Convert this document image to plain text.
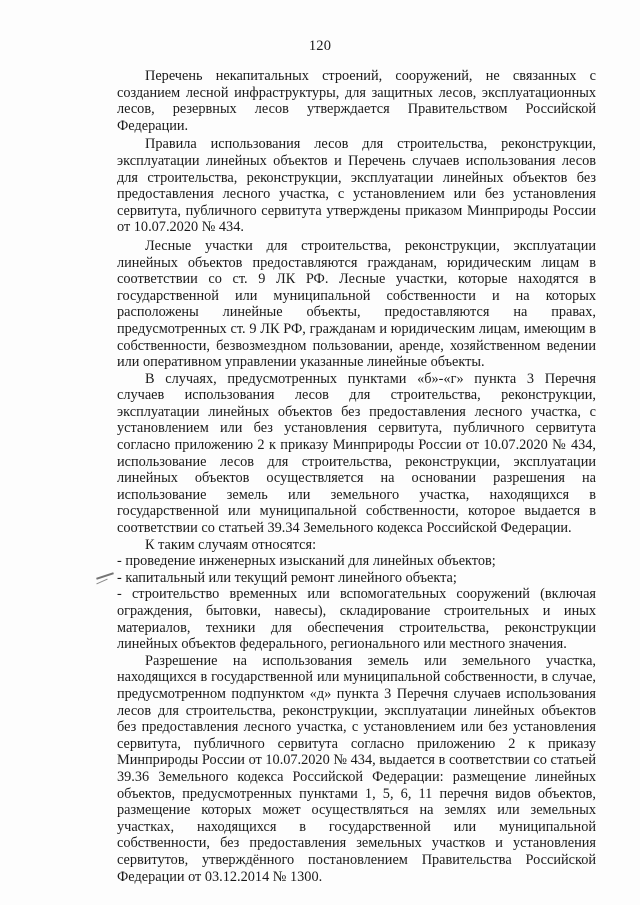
120

Перечень некапитальных строений, сооружений, не связанных с созданием лесной инфраструктуры, для защитных лесов, эксплуатационных лесов, резервных лесов утверждается Правительством Российской Федерации.

Правила использования лесов для строительства, реконструкции, эксплуатации линейных объектов и Перечень случаев использования лесов для строительства, реконструкции, эксплуатации линейных объектов без предоставления лесного участка, с установлением или без установления сервитута, публичного сервитута утверждены приказом Минприроды России от 10.07.2020 № 434.

Лесные участки для строительства, реконструкции, эксплуатации линейных объектов предоставляются гражданам, юридическим лицам в соответствии со ст. 9 ЛК РФ. Лесные участки, которые находятся в государственной или муниципальной собственности и на которых расположены линейные объекты, предоставляются на правах, предусмотренных ст. 9 ЛК РФ, гражданам и юридическим лицам, имеющим в собственности, безвозмездном пользовании, аренде, хозяйственном ведении или оперативном управлении указанные линейные объекты.

В случаях, предусмотренных пунктами «б»-«г» пункта 3 Перечня случаев использования лесов для строительства, реконструкции, эксплуатации линейных объектов без предоставления лесного участка, с установлением или без установления сервитута, публичного сервитута согласно приложению 2 к приказу Минприроды России от 10.07.2020 № 434, использование лесов для строительства, реконструкции, эксплуатации линейных объектов осуществляется на основании разрешения на использование земель или земельного участка, находящихся в государственной или муниципальной собственности, которое выдается в соответствии со статьей 39.34 Земельного кодекса Российской Федерации.

К таким случаям относятся:

- проведение инженерных изысканий для линейных объектов;

- капитальный или текущий ремонт линейного объекта;

- строительство временных или вспомогательных сооружений (включая ограждения, бытовки, навесы), складирование строительных и иных материалов, техники для обеспечения строительства, реконструкции линейных объектов федерального, регионального или местного значения.

Разрешение на использования земель или земельного участка, находящихся в государственной или муниципальной собственности, в случае, предусмотренном подпунктом «д» пункта 3 Перечня случаев использования лесов для строительства, реконструкции, эксплуатации линейных объектов без предоставления лесного участка, с установлением или без установления сервитута, публичного сервитута согласно приложению 2 к приказу Минприроды России от 10.07.2020 № 434, выдается в соответствии со статьей 39.36 Земельного кодекса Российской Федерации: размещение линейных объектов, предусмотренных пунктами 1, 5, 6, 11 перечня видов объектов, размещение которых может осуществляться на землях или земельных участках, находящихся в государственной или муниципальной собственности, без предоставления земельных участков и установления сервитутов, утверждённого постановлением Правительства Российской Федерации от 03.12.2014 № 1300.
